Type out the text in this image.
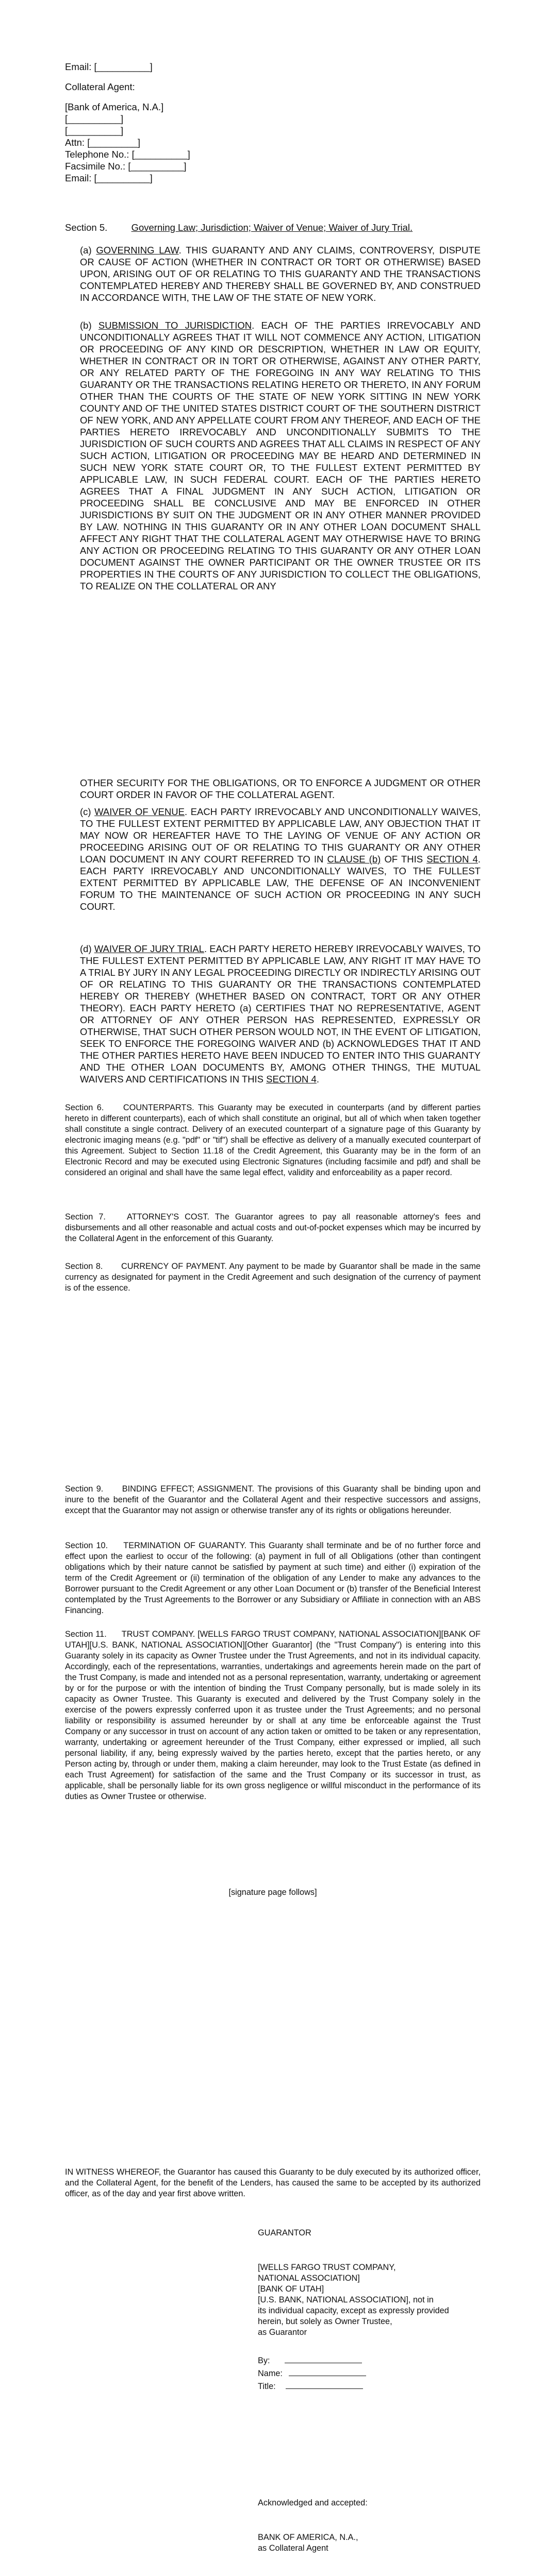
Email: [__________]
Collateral Agent:
[Bank of America, N.A.]
[__________]
[__________]
Attn: [_________]
Telephone No.: [__________]
Facsimile No.: [__________]
Email: [__________]
Section 5.	Governing Law; Jurisdiction; Waiver of Venue; Waiver of Jury Trial.
(a) GOVERNING LAW. THIS GUARANTY AND ANY CLAIMS, CONTROVERSY, DISPUTE OR CAUSE OF ACTION (WHETHER IN CONTRACT OR TORT OR OTHERWISE) BASED UPON, ARISING OUT OF OR RELATING TO THIS GUARANTY AND THE TRANSACTIONS CONTEMPLATED HEREBY AND THEREBY SHALL BE GOVERNED BY, AND CONSTRUED IN ACCORDANCE WITH, THE LAW OF THE STATE OF NEW YORK.
(b) SUBMISSION TO JURISDICTION. EACH OF THE PARTIES IRREVOCABLY AND UNCONDITIONALLY AGREES THAT IT WILL NOT COMMENCE ANY ACTION, LITIGATION OR PROCEEDING OF ANY KIND OR DESCRIPTION, WHETHER IN LAW OR EQUITY, WHETHER IN CONTRACT OR IN TORT OR OTHERWISE, AGAINST ANY OTHER PARTY, OR ANY RELATED PARTY OF THE FOREGOING IN ANY WAY RELATING TO THIS GUARANTY OR THE TRANSACTIONS RELATING HERETO OR THERETO, IN ANY FORUM OTHER THAN THE COURTS OF THE STATE OF NEW YORK SITTING IN NEW YORK COUNTY AND OF THE UNITED STATES DISTRICT COURT OF THE SOUTHERN DISTRICT OF NEW YORK, AND ANY APPELLATE COURT FROM ANY THEREOF, AND EACH OF THE PARTIES HERETO IRREVOCABLY AND UNCONDITIONALLY SUBMITS TO THE JURISDICTION OF SUCH COURTS AND AGREES THAT ALL CLAIMS IN RESPECT OF ANY SUCH ACTION, LITIGATION OR PROCEEDING MAY BE HEARD AND DETERMINED IN SUCH NEW YORK STATE COURT OR, TO THE FULLEST EXTENT PERMITTED BY APPLICABLE LAW, IN SUCH FEDERAL COURT. EACH OF THE PARTIES HERETO AGREES THAT A FINAL JUDGMENT IN ANY SUCH ACTION, LITIGATION OR PROCEEDING SHALL BE CONCLUSIVE AND MAY BE ENFORCED IN OTHER JURISDICTIONS BY SUIT ON THE JUDGMENT OR IN ANY OTHER MANNER PROVIDED BY LAW. NOTHING IN THIS GUARANTY OR IN ANY OTHER LOAN DOCUMENT SHALL AFFECT ANY RIGHT THAT THE COLLATERAL AGENT MAY OTHERWISE HAVE TO BRING ANY ACTION OR PROCEEDING RELATING TO THIS GUARANTY OR ANY OTHER LOAN DOCUMENT AGAINST THE OWNER PARTICIPANT OR THE OWNER TRUSTEE OR ITS PROPERTIES IN THE COURTS OF ANY JURISDICTION TO COLLECT THE OBLIGATIONS, TO REALIZE ON THE COLLATERAL OR ANY
OTHER SECURITY FOR THE OBLIGATIONS, OR TO ENFORCE A JUDGMENT OR OTHER COURT ORDER IN FAVOR OF THE COLLATERAL AGENT.
(c) WAIVER OF VENUE. EACH PARTY IRREVOCABLY AND UNCONDITIONALLY WAIVES, TO THE FULLEST EXTENT PERMITTED BY APPLICABLE LAW, ANY OBJECTION THAT IT MAY NOW OR HEREAFTER HAVE TO THE LAYING OF VENUE OF ANY ACTION OR PROCEEDING ARISING OUT OF OR RELATING TO THIS GUARANTY OR ANY OTHER LOAN DOCUMENT IN ANY COURT REFERRED TO IN CLAUSE (b) OF THIS SECTION 4. EACH PARTY IRREVOCABLY AND UNCONDITIONALLY WAIVES, TO THE FULLEST EXTENT PERMITTED BY APPLICABLE LAW, THE DEFENSE OF AN INCONVENIENT FORUM TO THE MAINTENANCE OF SUCH ACTION OR PROCEEDING IN ANY SUCH COURT.
(d) WAIVER OF JURY TRIAL. EACH PARTY HERETO HEREBY IRREVOCABLY WAIVES, TO THE FULLEST EXTENT PERMITTED BY APPLICABLE LAW, ANY RIGHT IT MAY HAVE TO A TRIAL BY JURY IN ANY LEGAL PROCEEDING DIRECTLY OR INDIRECTLY ARISING OUT OF OR RELATING TO THIS GUARANTY OR THE TRANSACTIONS CONTEMPLATED HEREBY OR THEREBY (WHETHER BASED ON CONTRACT, TORT OR ANY OTHER THEORY). EACH PARTY HERETO (a) CERTIFIES THAT NO REPRESENTATIVE, AGENT OR ATTORNEY OF ANY OTHER PERSON HAS REPRESENTED, EXPRESSLY OR OTHERWISE, THAT SUCH OTHER PERSON WOULD NOT, IN THE EVENT OF LITIGATION, SEEK TO ENFORCE THE FOREGOING WAIVER AND (b) ACKNOWLEDGES THAT IT AND THE OTHER PARTIES HERETO HAVE BEEN INDUCED TO ENTER INTO THIS GUARANTY AND THE OTHER LOAN DOCUMENTS BY, AMONG OTHER THINGS, THE MUTUAL WAIVERS AND CERTIFICATIONS IN THIS SECTION 4.
Section 6. COUNTERPARTS. This Guaranty may be executed in counterparts (and by different parties hereto in different counterparts), each of which shall constitute an original, but all of which when taken together shall constitute a single contract. Delivery of an executed counterpart of a signature page of this Guaranty by electronic imaging means (e.g. "pdf" or "tif") shall be effective as delivery of a manually executed counterpart of this Agreement. Subject to Section 11.18 of the Credit Agreement, this Guaranty may be in the form of an Electronic Record and may be executed using Electronic Signatures (including facsimile and pdf) and shall be considered an original and shall have the same legal effect, validity and enforceability as a paper record.
Section 7.	ATTORNEY'S COST. The Guarantor agrees to pay all reasonable attorney's fees and disbursements and all other reasonable and actual costs and out-of-pocket expenses which may be incurred by the Collateral Agent in the enforcement of this Guaranty.
Section 8. CURRENCY OF PAYMENT. Any payment to be made by Guarantor shall be made in the same currency as designated for payment in the Credit Agreement and such designation of the currency of payment is of the essence.
Section 9. BINDING EFFECT; ASSIGNMENT. The provisions of this Guaranty shall be binding upon and inure to the benefit of the Guarantor and the Collateral Agent and their respective successors and assigns, except that the Guarantor may not assign or otherwise transfer any of its rights or obligations hereunder.
Section 10. TERMINATION OF GUARANTY. This Guaranty shall terminate and be of no further force and effect upon the earliest to occur of the following: (a) payment in full of all Obligations (other than contingent obligations which by their nature cannot be satisfied by payment at such time) and either (i) expiration of the term of the Credit Agreement or (ii) termination of the obligation of any Lender to make any advances to the Borrower pursuant to the Credit Agreement or any other Loan Document or (b) transfer of the Beneficial Interest contemplated by the Trust Agreements to the Borrower or any Subsidiary or Affiliate in connection with an ABS Financing.
Section 11. TRUST COMPANY. [WELLS FARGO TRUST COMPANY, NATIONAL ASSOCIATION][BANK OF UTAH][U.S. BANK, NATIONAL ASSOCIATION][Other Guarantor] (the "Trust Company") is entering into this Guaranty solely in its capacity as Owner Trustee under the Trust Agreements, and not in its individual capacity. Accordingly, each of the representations, warranties, undertakings and agreements herein made on the part of the Trust Company, is made and intended not as a personal representation, warranty, undertaking or agreement by or for the purpose or with the intention of binding the Trust Company personally, but is made solely in its capacity as Owner Trustee. This Guaranty is executed and delivered by the Trust Company solely in the exercise of the powers expressly conferred upon it as trustee under the Trust Agreements; and no personal liability or responsibility is assumed hereunder by or shall at any time be enforceable against the Trust Company or any successor in trust on account of any action taken or omitted to be taken or any representation, warranty, undertaking or agreement hereunder of the Trust Company, either expressed or implied, all such personal liability, if any, being expressly waived by the parties hereto, except that the parties hereto, or any Person acting by, through or under them, making a claim hereunder, may look to the Trust Estate (as defined in each Trust Agreement) for satisfaction of the same and the Trust Company or its successor in trust, as applicable, shall be personally liable for its own gross negligence or willful misconduct in the performance of its duties as Owner Trustee or otherwise.
[signature page follows]
IN WITNESS WHEREOF, the Guarantor has caused this Guaranty to be duly executed by its authorized officer, and the Collateral Agent, for the benefit of the Lenders, has caused the same to be accepted by its authorized officer, as of the day and year first above written.
GUARANTOR
[WELLS FARGO TRUST COMPANY,
NATIONAL ASSOCIATION]
[BANK OF UTAH]
[U.S. BANK, NATIONAL ASSOCIATION], not in
its individual capacity, except as expressly provided
herein, but solely as Owner Trustee,
as Guarantor
By:
Name:
Title:
Acknowledged and accepted:
BANK OF AMERICA, N.A.,
as Collateral Agent
